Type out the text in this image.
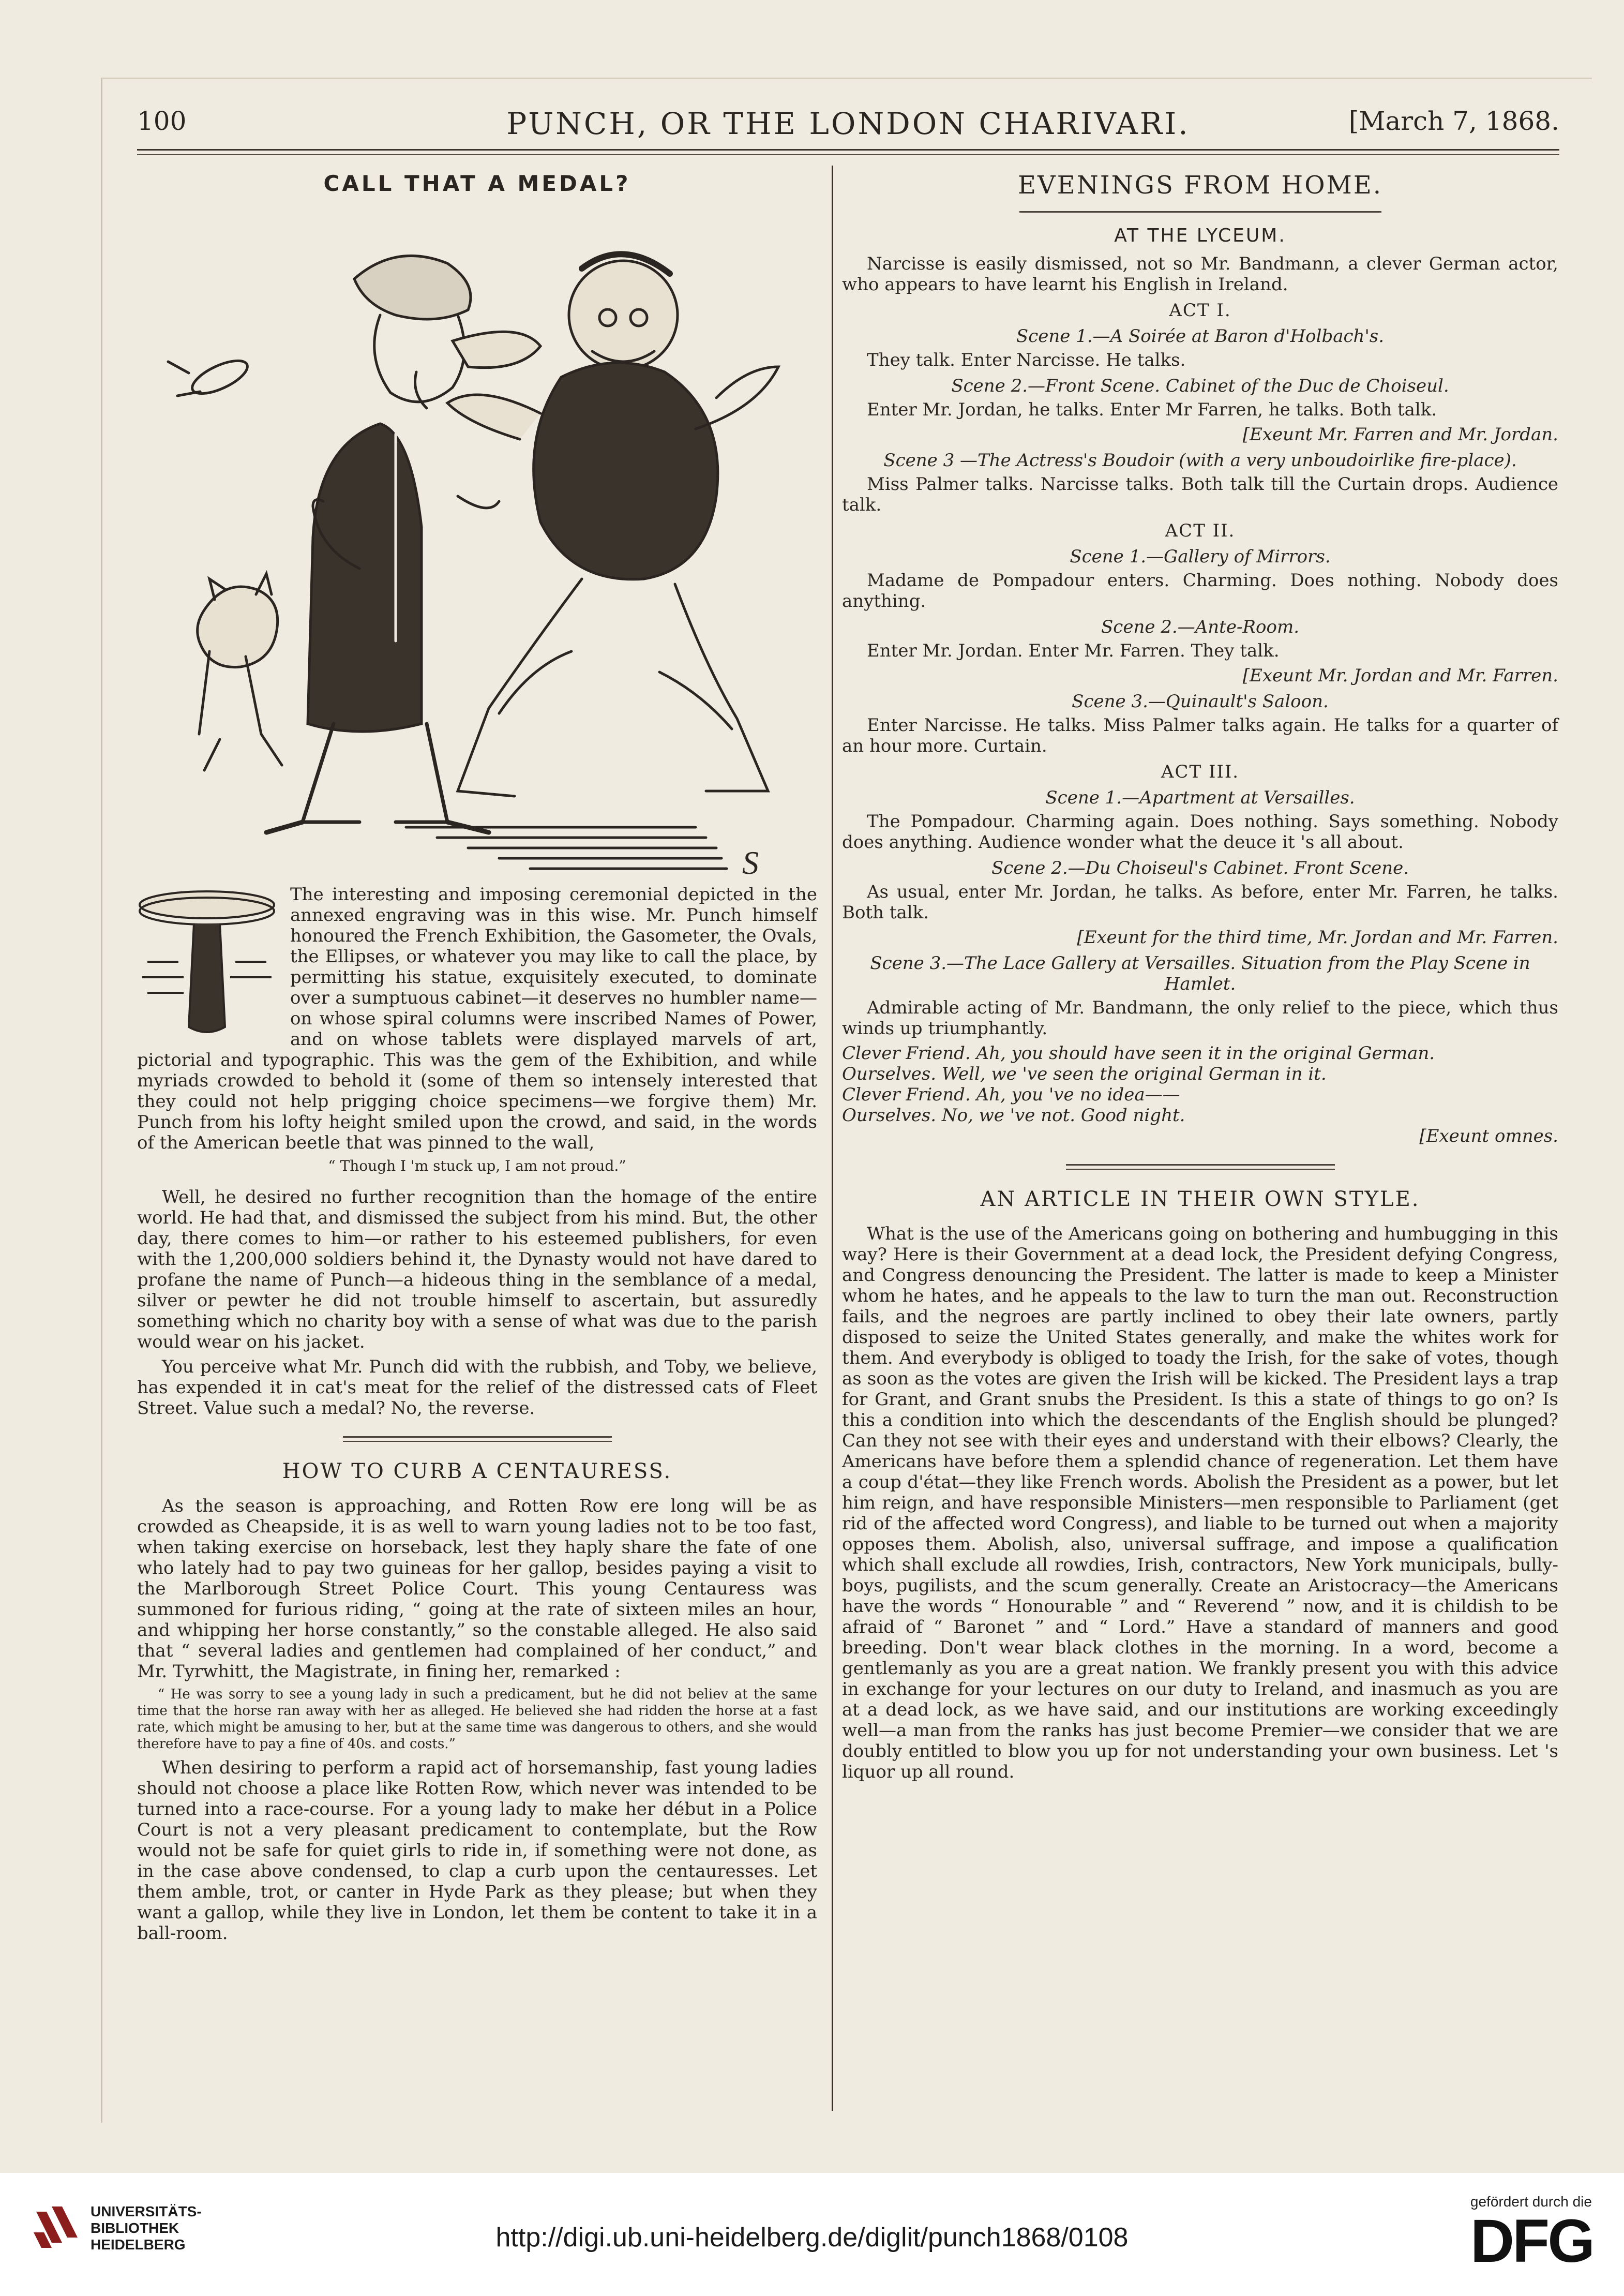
PUNCH, OR THE LONDON CHARIVARI.
100	[March 7, 1868.
CALL THAT A MEDAL?
S

The interesting and imposing ceremonial depicted in the annexed engraving was in this wise. Mr. Punch himself honoured the French Exhibition, the Gasometer, the Ovals, the Ellipses, or whatever you may like to call the place, by permitting his statue, exquisitely executed, to dominate over a sumptuous cabinet—it deserves no humbler name—on whose spiral columns were inscribed Names of Power, and on whose tablets were displayed marvels of art, pictorial and typographic. This was the gem of the Exhibition, and while myriads crowded to behold it (some of them so intensely interested that they could not help prigging choice specimens—we forgive them) Mr. Punch from his lofty height smiled upon the crowd, and said, in the words of the American beetle that was pinned to the wall,

“ Though I 'm stuck up, I am not proud.”

Well, he desired no further recognition than the homage of the entire world. He had that, and dismissed the subject from his mind. But, the other day, there comes to him—or rather to his esteemed publishers, for even with the 1,200,000 soldiers behind it, the Dynasty would not have dared to profane the name of Punch—a hideous thing in the semblance of a medal, silver or pewter he did not trouble himself to ascertain, but assuredly something which no charity boy with a sense of what was due to the parish would wear on his jacket.

You perceive what Mr. Punch did with the rubbish, and Toby, we believe, has expended it in cat's meat for the relief of the distressed cats of Fleet Street. Value such a medal? No, the reverse.

HOW TO CURB A CENTAURESS.

As the season is approaching, and Rotten Row ere long will be as crowded as Cheapside, it is as well to warn young ladies not to be too fast, when taking exercise on horseback, lest they haply share the fate of one who lately had to pay two guineas for her gallop, besides paying a visit to the Marlborough Street Police Court. This young Centauress was summoned for furious riding, “ going at the rate of sixteen miles an hour, and whipping her horse constantly,” so the constable alleged. He also said that “ several ladies and gentlemen had complained of her conduct,” and Mr. Tyrwhitt, the Magistrate, in fining her, remarked :

“ He was sorry to see a young lady in such a predicament, but he did not believ at the same time that the horse ran away with her as alleged. He believed she had ridden the horse at a fast rate, which might be amusing to her, but at the same time was dangerous to others, and she would therefore have to pay a fine of 40s. and costs.”

When desiring to perform a rapid act of horsemanship, fast young ladies should not choose a place like Rotten Row, which never was intended to be turned into a race-course. For a young lady to make her début in a Police Court is not a very pleasant predicament to contemplate, but the Row would not be safe for quiet girls to ride in, if something were not done, as in the case above condensed, to clap a curb upon the centauresses. Let them amble, trot, or canter in Hyde Park as they please; but when they want a gallop, while they live in London, let them be content to take it in a ball-room.

EVENINGS FROM HOME.
AT THE LYCEUM.

Narcisse is easily dismissed, not so Mr. Bandmann, a clever German actor, who appears to have learnt his English in Ireland.

ACT I.
Scene 1.—A Soirée at Baron d'Holbach's.

They talk. Enter Narcisse. He talks.

Scene 2.—Front Scene. Cabinet of the Duc de Choiseul.

Enter Mr. Jordan, he talks. Enter Mr Farren, he talks. Both talk.

[Exeunt Mr. Farren and Mr. Jordan.
Scene 3 —The Actress's Boudoir (with a very unboudoirlike fire-place).

Miss Palmer talks. Narcisse talks. Both talk till the Curtain drops. Audience talk.

ACT II.
Scene 1.—Gallery of Mirrors.

Madame de Pompadour enters. Charming. Does nothing. Nobody does anything.

Scene 2.—Ante-Room.

Enter Mr. Jordan. Enter Mr. Farren. They talk.

[Exeunt Mr. Jordan and Mr. Farren.
Scene 3.—Quinault's Saloon.

Enter Narcisse. He talks. Miss Palmer talks again. He talks for a quarter of an hour more. Curtain.

ACT III.
Scene 1.—Apartment at Versailles.

The Pompadour. Charming again. Does nothing. Says something. Nobody does anything. Audience wonder what the deuce it 's all about.

Scene 2.—Du Choiseul's Cabinet. Front Scene.

As usual, enter Mr. Jordan, he talks. As before, enter Mr. Farren, he talks. Both talk.

[Exeunt for the third time, Mr. Jordan and Mr. Farren.
Scene 3.—The Lace Gallery at Versailles. Situation from the Play Scene in Hamlet.

Admirable acting of Mr. Bandmann, the only relief to the piece, which thus winds up triumphantly.

Clever Friend. Ah, you should have seen it in the original German.

Ourselves. Well, we 've seen the original German in it.

Clever Friend. Ah, you 've no idea——

Ourselves. No, we 've not. Good night.

[Exeunt omnes.
AN ARTICLE IN THEIR OWN STYLE.

What is the use of the Americans going on bothering and humbugging in this way? Here is their Government at a dead lock, the President defying Congress, and Congress denouncing the President. The latter is made to keep a Minister whom he hates, and he appeals to the law to turn the man out. Reconstruction fails, and the negroes are partly inclined to obey their late owners, partly disposed to seize the United States generally, and make the whites work for them. And everybody is obliged to toady the Irish, for the sake of votes, though as soon as the votes are given the Irish will be kicked. The President lays a trap for Grant, and Grant snubs the President. Is this a state of things to go on? Is this a condition into which the descendants of the English should be plunged? Can they not see with their eyes and understand with their elbows? Clearly, the Americans have before them a splendid chance of regeneration. Let them have a coup d'état—they like French words. Abolish the President as a power, but let him reign, and have responsible Ministers—men responsible to Parliament (get rid of the affected word Congress), and liable to be turned out when a majority opposes them. Abolish, also, universal suffrage, and impose a qualification which shall exclude all rowdies, Irish, contractors, New York municipals, bully-boys, pugilists, and the scum generally. Create an Aristocracy—the Americans have the words “ Honourable ” and “ Reverend ” now, and it is childish to be afraid of “ Baronet ” and “ Lord.” Have a standard of manners and good breeding. Don't wear black clothes in the morning. In a word, become a gentlemanly as you are a great nation. We frankly present you with this advice in exchange for your lectures on our duty to Ireland, and inasmuch as you are at a dead lock, as we have said, and our institutions are working exceedingly well—a man from the ranks has just become Premier—we consider that we are doubly entitled to blow you up for not understanding your own business. Let 's liquor up all round.

UNIVERSITÄTS-
BIBLIOTHEK
HEIDELBERG	http://digi.ub.uni-heidelberg.de/diglit/punch1868/0108
gefördert durch die
DFG
